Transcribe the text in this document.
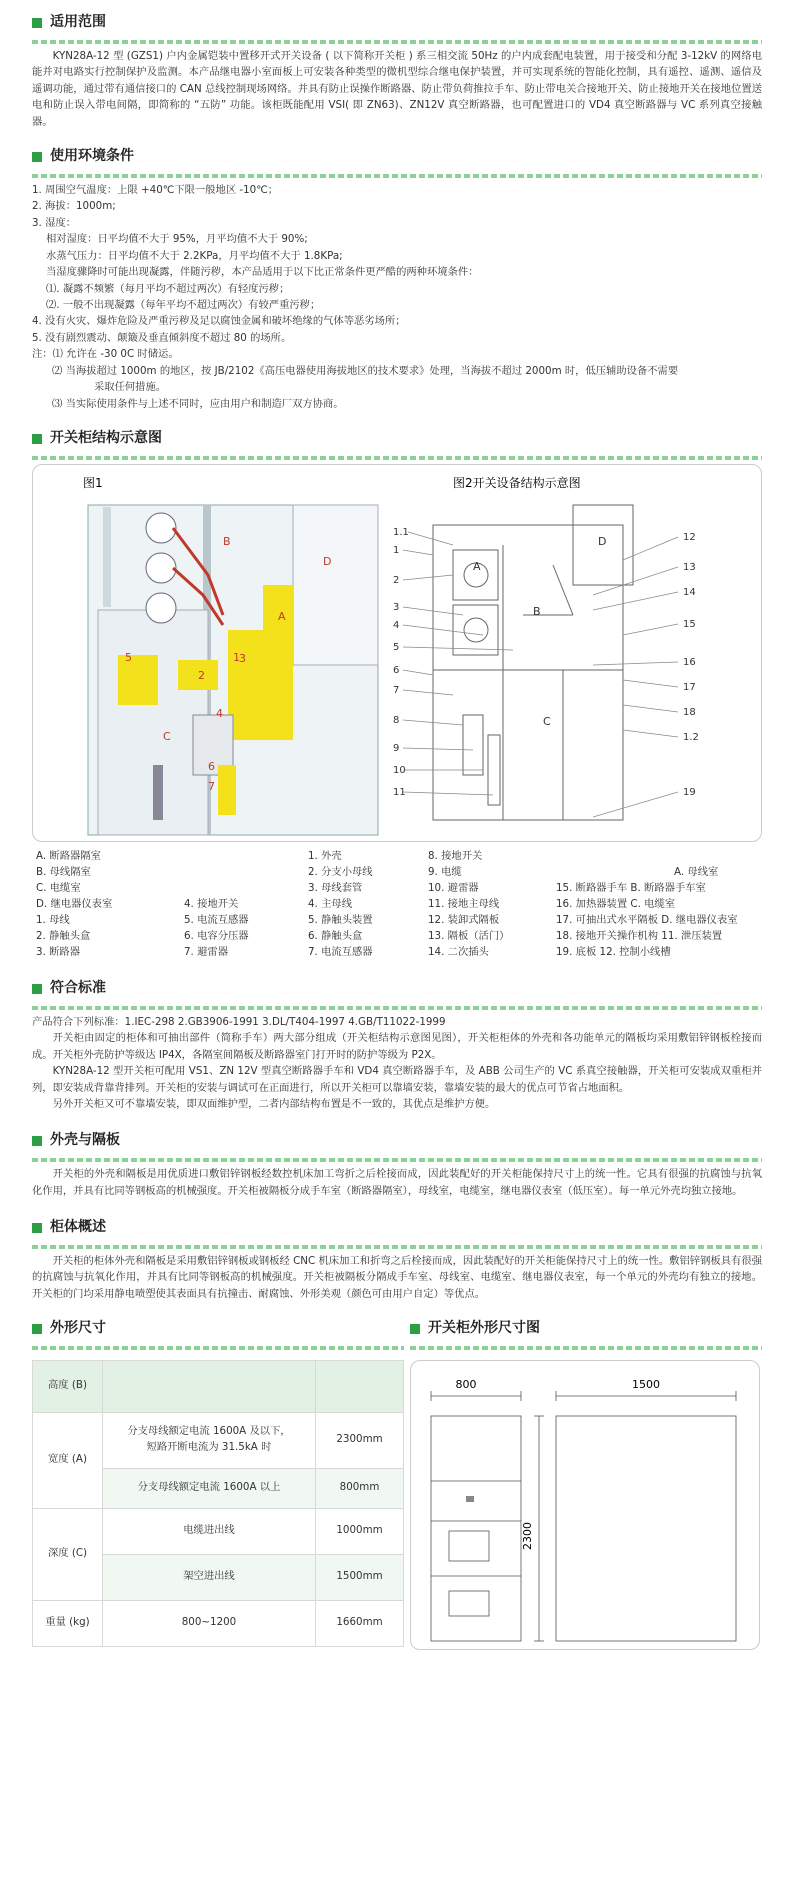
适用范围

KYN28A-12 型 (GZS1) 户内金属铠装中置移开式开关设备 ( 以下简称开关柜 ) 系三相交流 50Hz 的户内成套配电装置，用于接受和分配 3-12kV 的网络电能并对电路实行控制保护及监测。本产品继电器小室面板上可安装各种类型的微机型综合继电保护装置，并可实现系统的智能化控制，具有遥控、遥测、遥信及遥调功能，通过带有通信接口的 CAN 总线控制现场网络。并具有防止误操作断路器、防止带负荷推拉手车、防止带电关合接地开关、防止接地开关在接地位置送电和防止误入带电间隔，即简称的 “五防” 功能。该柜既能配用 VSI( 即 ZN63)、ZN12V 真空断路器，也可配置进口的 VD4 真空断路器与 VC 系列真空接触器。

使用环境条件
1. 周围空气温度：上限 +40℃下限一般地区 -10℃；
2. 海拔：1000m;
3. 湿度：
相对湿度：日平均值不大于 95%，月平均值不大于 90%;
水蒸气压力：日平均值不大于 2.2KPa，月平均值不大于 1.8KPa;
当湿度骤降时可能出现凝露，伴随污秽，本产品适用于以下比正常条件更严酷的两种环境条件：
⑴. 凝露不频繁（每月平均不超过两次）有轻度污秽；
⑵. 一般不出现凝露（每年平均不超过两次）有较严重污秽；
4. 没有火灾、爆炸危险及严重污秽及足以腐蚀金属和破坏绝缘的气体等恶劣场所；
5. 没有剧烈震动、颠簸及垂直倾斜度不超过 80 的场所。
注：⑴ 允许在 -30 0C 时储运。
⑵ 当海拔超过 1000m 的地区，按 JB/2102《高压电器使用海拔地区的技术要求》处理，当海拔不超过 2000m 时，低压辅助设备不需要
采取任何措施。
⑶ 当实际使用条件与上述不同时，应由用户和制造厂双方协商。
开关柜结构示意图
图1
B
D
A
C
5	1
2
3
4
6
7
图2开关设备结构示意图
D
A
B
C
1.1
1
2
3
4
5
6
7
8
9
10
11
12
13
14
15
16
17
18
1.2
19
A. 断路器隔室	1. 外壳	8. 接地开关
B. 母线隔室	2. 分支小母线	9. 电缆	A. 母线室
C. 电缆室	3. 母线套管	10. 避雷器	15. 断路器手车 B. 断路器手车室
D. 继电器仪表室	4. 接地开关	4. 主母线	11. 接地主母线	16. 加热器装置 C. 电缆室
1. 母线	5. 电流互感器	5. 静触头装置	12. 装卸式隔板	17. 可抽出式水平隔板 D. 继电器仪表室
2. 静触头盒	6. 电容分压器	6. 静触头盒	13. 隔板（活门）	18. 接地开关操作机构 11. 泄压装置
3. 断路器	7. 避雷器	7. 电流互感器	14. 二次插头	19. 底板 12. 控制小线槽
符合标准
产品符合下列标准：1.IEC-298 2.GB3906-1991 3.DL/T404-1997 4.GB/T11022-1999

开关柜由固定的柜体和可抽出部件（简称手车）两大部分组成（开关柜结构示意图见图），开关柜柜体的外壳和各功能单元的隔板均采用敷铝锌钢板栓接而成。开关柜外壳防护等级达 IP4X，各隔室间隔板及断路器室门打开时的防护等级为 P2X。

KYN28A-12 型开关柜可配用 VS1、ZN 12V 型真空断路器手车和 VD4 真空断路器手车，及 ABB 公司生产的 VC 系真空接触器，开关柜可安装成双重柜并列，即安装成背靠背排列。开关柜的安装与调试可在正面进行，所以开关柜可以靠墙安装，靠墙安装的最大的优点可节省占地面积。

另外开关柜又可不靠墙安装，即双面维护型，二者内部结构布置是不一致的，其优点是维护方便。

外壳与隔板

开关柜的外壳和隔板是用优质进口敷铝锌钢板经数控机床加工弯折之后栓接而成，因此装配好的开关柜能保持尺寸上的统一性。它具有很强的抗腐蚀与抗氧化作用，并具有比同等钢板高的机械强度。开关柜被隔板分成手车室（断路器隔室），母线室，电缆室，继电器仪表室（低压室）。每一单元外壳均独立接地。

柜体概述

开关柜的柜体外壳和隔板是采用敷铝锌钢板或钢板经 CNC 机床加工和折弯之后栓接而成，因此装配好的开关柜能保持尺寸上的统一性。敷铝锌钢板具有很强的抗腐蚀与抗氧化作用，并具有比同等钢板高的机械强度。开关柜被隔板分隔成手车室、母线室、电缆室、继电器仪表室，每一个单元的外壳均有独立的接地。开关柜的门均采用静电喷塑使其表面具有抗撞击、耐腐蚀、外形美观（颜色可由用户自定）等优点。

外形尺寸
高度 (B)		
宽度 (A)	分支母线额定电流 1600A 及以下，
短路开断电流为 31.5kA 时	2300mm
	分支母线额定电流 1600A 以上	800mm
深度 (C)	电缆进出线	1000mm
	架空进出线	1500mm
重量 (kg)	800~1200	1660mm
开关柜外形尺寸图
800	1500
2300
